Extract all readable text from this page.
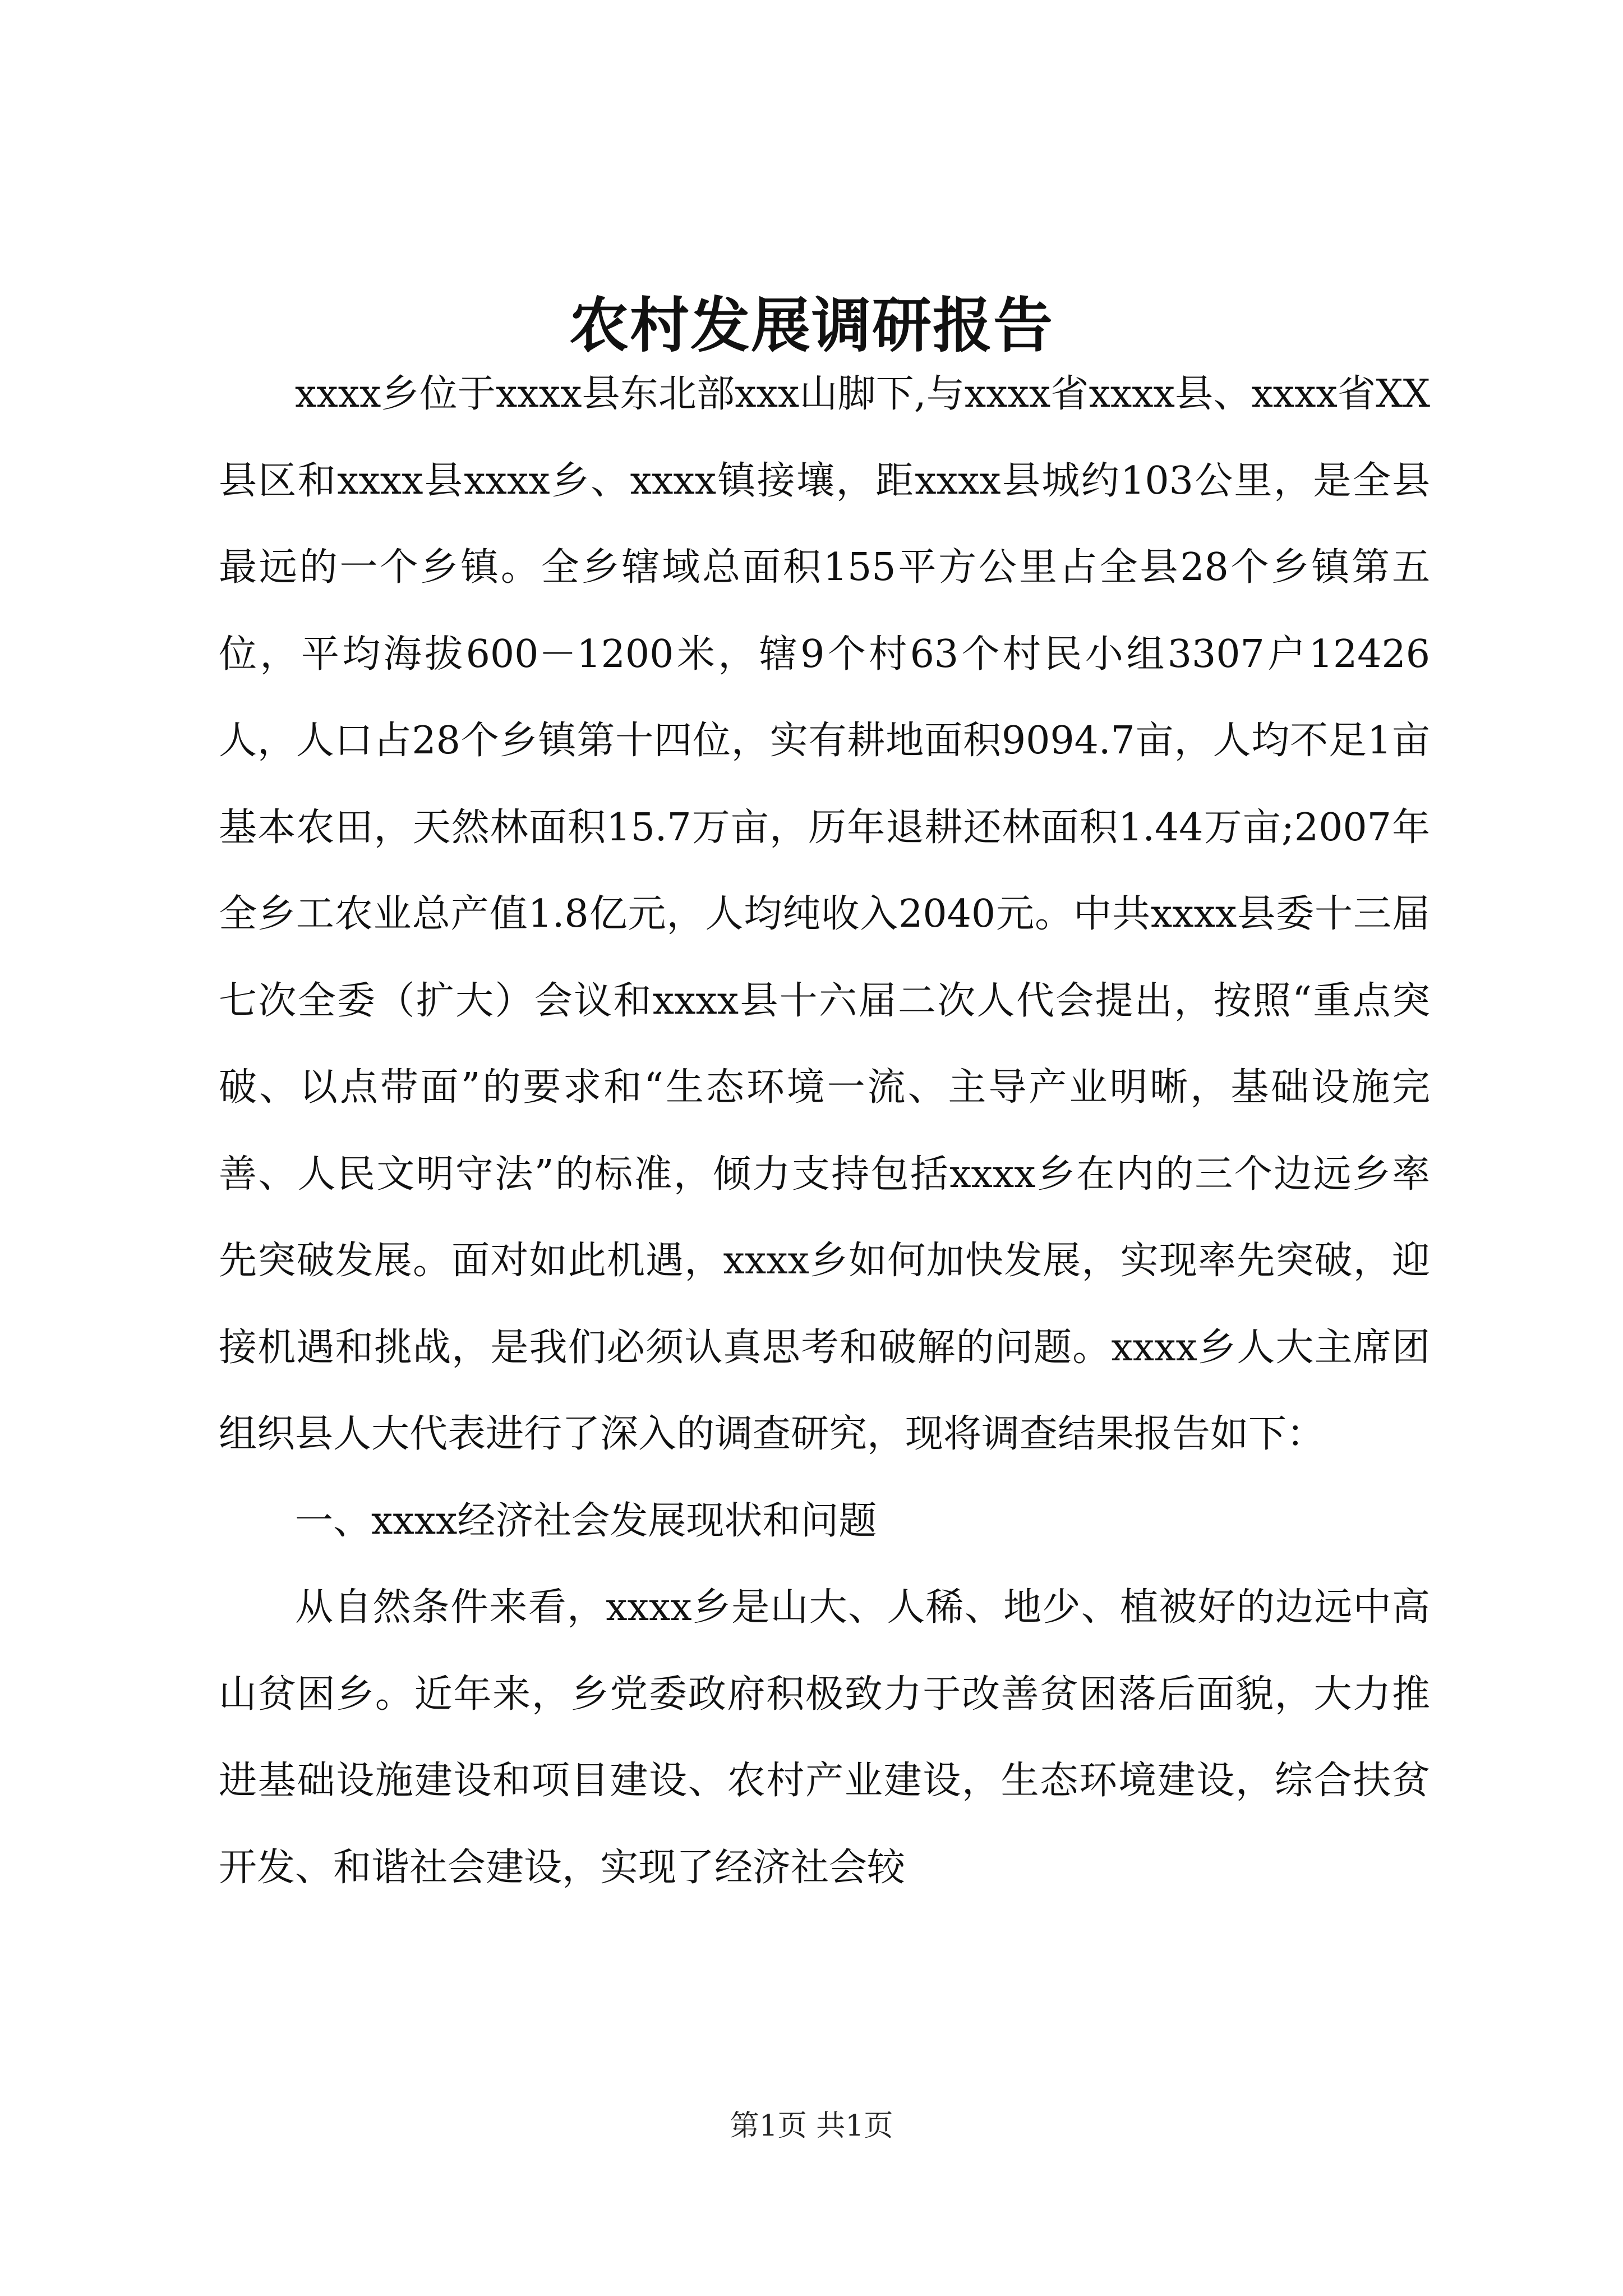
农村发展调研报告

xxxx乡位于xxxx县东北部xxx山脚下,与xxxx省xxxx县、xxxx省XX县区和xxxx县xxxx乡、xxxx镇接壤，距xxxx县城约103公里，是全县最远的一个乡镇。全乡辖域总面积155平方公里占全县28个乡镇第五位，平均海拔600－1200米，辖9个村63个村民小组3307户12426人，人口占28个乡镇第十四位，实有耕地面积9094.7亩，人均不足1亩基本农田，天然林面积15.7万亩，历年退耕还林面积1.44万亩;2007年全乡工农业总产值1.8亿元，人均纯收入2040元。中共xxxx县委十三届七次全委（扩大）会议和xxxx县十六届二次人代会提出，按照“重点突破、以点带面”的要求和“生态环境一流、主导产业明晰，基础设施完善、人民文明守法”的标准，倾力支持包括xxxx乡在内的三个边远乡率先突破发展。面对如此机遇，xxxx乡如何加快发展，实现率先突破，迎接机遇和挑战，是我们必须认真思考和破解的问题。xxxx乡人大主席团组织县人大代表进行了深入的调查研究，现将调查结果报告如下：

一、xxxx经济社会发展现状和问题

从自然条件来看，xxxx乡是山大、人稀、地少、植被好的边远中高山贫困乡。近年来，乡党委政府积极致力于改善贫困落后面貌，大力推进基础设施建设和项目建设、农村产业建设，生态环境建设，综合扶贫开发、和谐社会建设，实现了经济社会较

第1页 共1页
